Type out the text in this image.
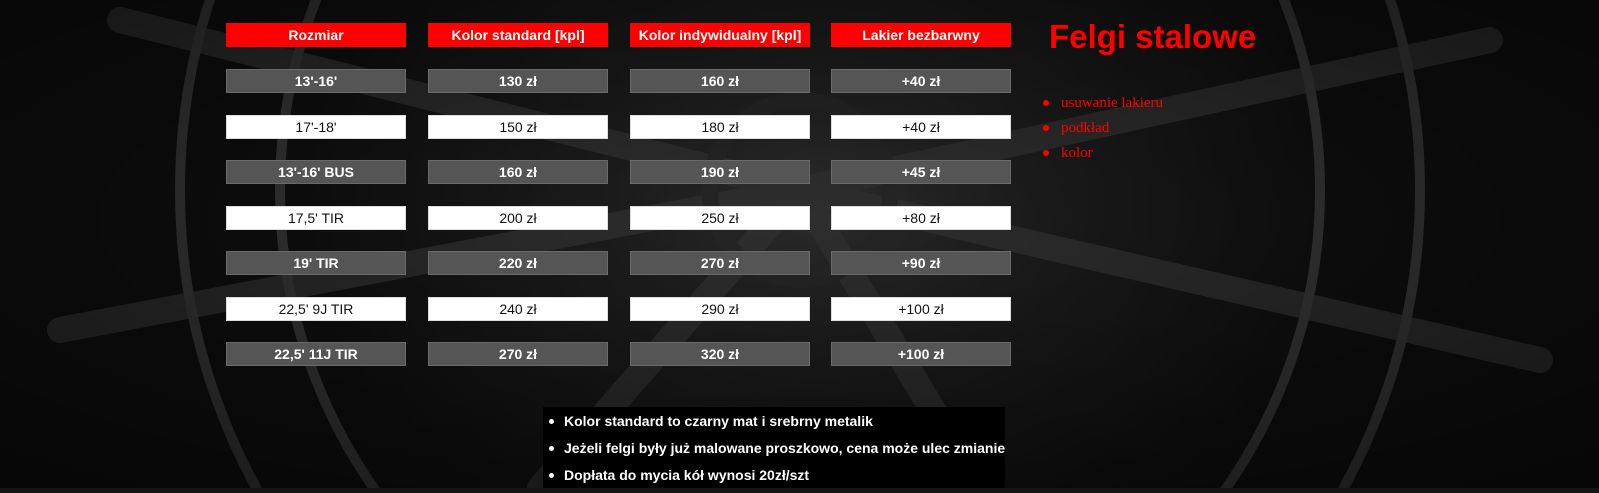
Rozmiar	Kolor standard [kpl]	Kolor indywidualny [kpl]	Lakier bezbarwny
13'-16'	130 zł	160 zł	+40 zł
17'-18'	150 zł	180 zł	+40 zł
13'-16' BUS	160 zł	190 zł	+45 zł
17,5' TIR	200 zł	250 zł	+80 zł
19' TIR	220 zł	270 zł	+90 zł
22,5' 9J TIR	240 zł	290 zł	+100 zł
22,5' 11J TIR	270 zł	320 zł	+100 zł
Felgi stalowe
usuwanie lakieru
podkład
kolor
Kolor standard to czarny mat i srebrny metalik
Jeżeli felgi były już malowane proszkowo, cena może ulec zmianie
Dopłata do mycia kół wynosi 20zł/szt
